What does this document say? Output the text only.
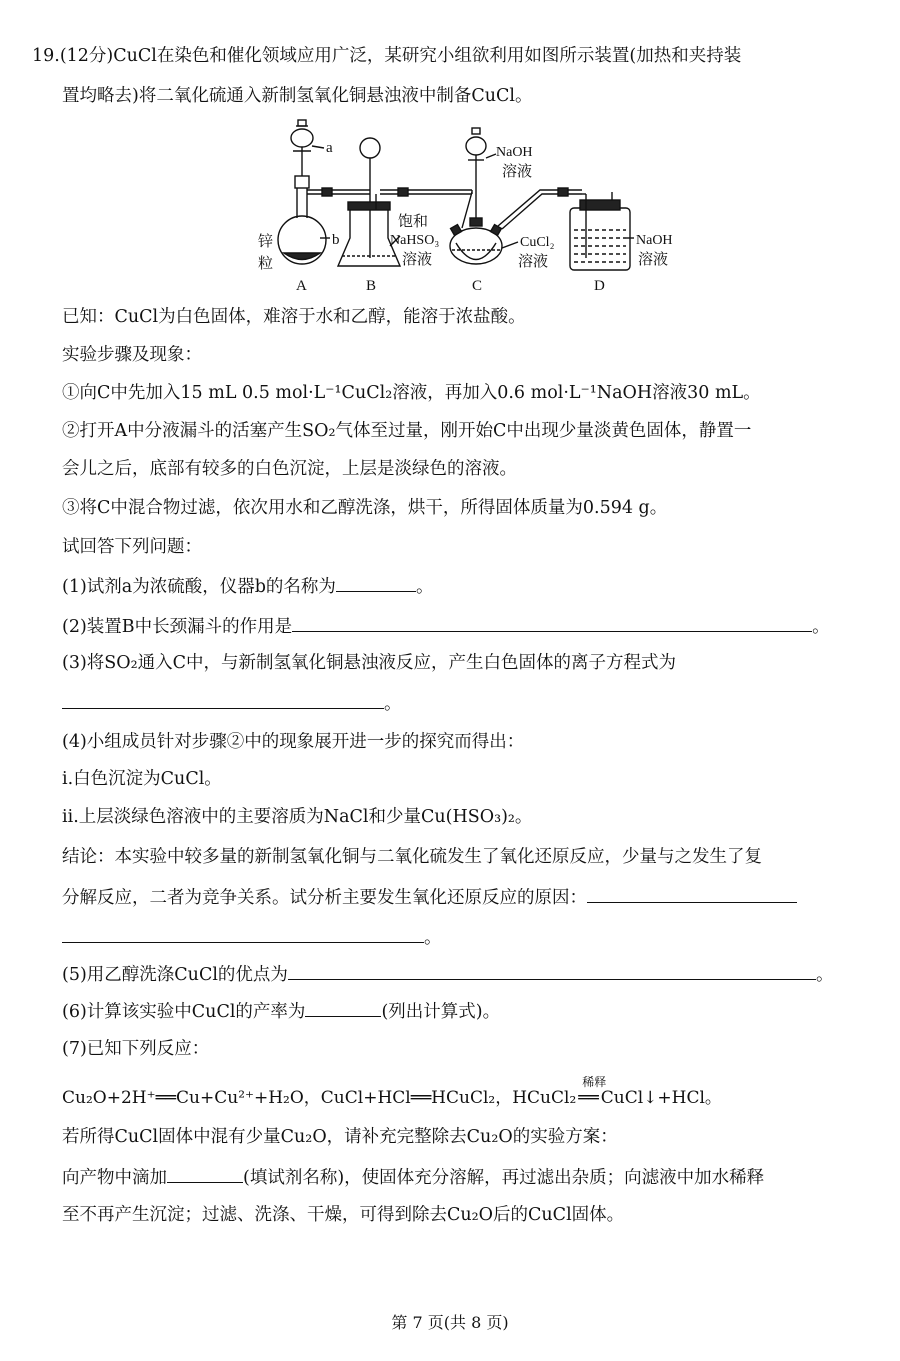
19.(12分)CuCl在染色和催化领域应用广泛，某研究小组欲利用如图所示装置(加热和夹持装
置均略去)将二氧化硫通入新制氢氧化铜悬浊液中制备CuCl。
a
b
锌
粒
饱和
NaHSO₃
溶液
NaOH
溶液
CuCl₂
溶液
NaOH
溶液
A	B	C	D
已知：CuCl为白色固体，难溶于水和乙醇，能溶于浓盐酸。
实验步骤及现象：
①向C中先加入15 mL 0.5 mol·L⁻¹CuCl₂溶液，再加入0.6 mol·L⁻¹NaOH溶液30 mL。
②打开A中分液漏斗的活塞产生SO₂气体至过量，刚开始C中出现少量淡黄色固体，静置一
会儿之后，底部有较多的白色沉淀，上层是淡绿色的溶液。
③将C中混合物过滤，依次用水和乙醇洗涤，烘干，所得固体质量为0.594 g。
试回答下列问题：
(1)试剂a为浓硫酸，仪器b的名称为	。
(2)装置B中长颈漏斗的作用是	。
(3)将SO₂通入C中，与新制氢氧化铜悬浊液反应，产生白色固体的离子方程式为
。
(4)小组成员针对步骤②中的现象展开进一步的探究而得出：
ⅰ.白色沉淀为CuCl。
ⅱ.上层淡绿色溶液中的主要溶质为NaCl和少量Cu(HSO₃)₂。
结论：本实验中较多量的新制氢氧化铜与二氧化硫发生了氧化还原反应，少量与之发生了复
分解反应，二者为竞争关系。试分析主要发生氧化还原反应的原因：
。
(5)用乙醇洗涤CuCl的优点为	。
(6)计算该实验中CuCl的产率为	(列出计算式)。
(7)已知下列反应：
Cu₂O+2H⁺══Cu+Cu²⁺+H₂O，CuCl+HCl══HCuCl₂，HCuCl₂
稀释
══ CuCl↓+HCl。
若所得CuCl固体中混有少量Cu₂O，请补充完整除去Cu₂O的实验方案：
向产物中滴加	(填试剂名称)，使固体充分溶解，再过滤出杂质；向滤液中加水稀释
至不再产生沉淀；过滤、洗涤、干燥，可得到除去Cu₂O后的CuCl固体。
第 7 页(共 8 页)
